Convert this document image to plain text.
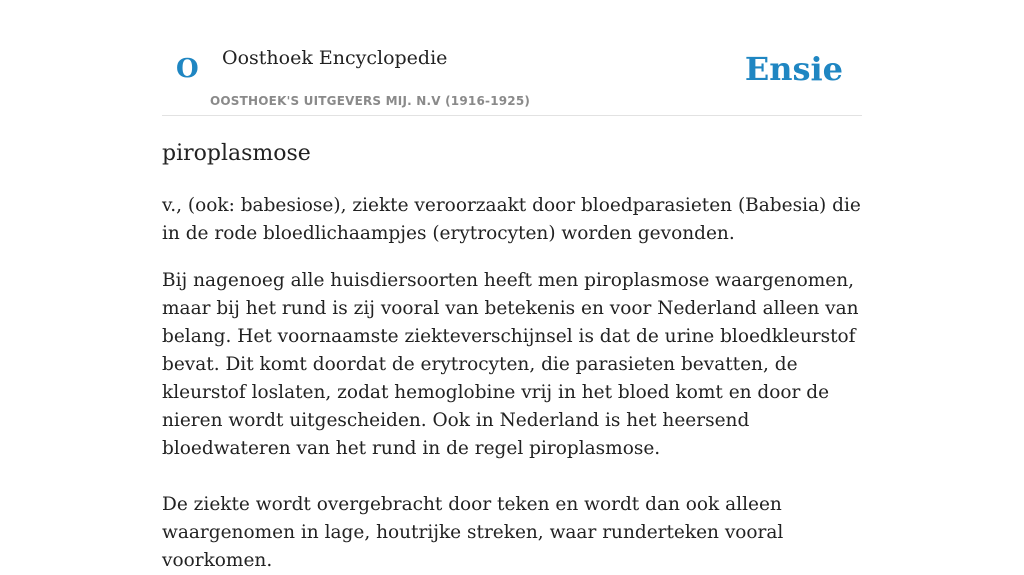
O Oosthoek Encyclopedie
OOSTHOEK'S UITGEVERS MIJ. N.V (1916-1925)
Ensie
piroplasmose

v., (ook: babesiose), ziekte veroorzaakt door bloedparasieten (Babesia) die in de rode bloedlichaampjes (erytrocyten) worden gevonden.

Bij nagenoeg alle huisdiersoorten heeft men piroplasmose waargenomen, maar bij het rund is zij vooral van betekenis en voor Nederland alleen van belang. Het voornaamste ziekteverschijnsel is dat de urine bloedkleurstof bevat. Dit komt doordat de erytrocyten, die parasieten bevatten, de kleurstof loslaten, zodat hemoglobine vrij in het bloed komt en door de nieren wordt uitgescheiden. Ook in Nederland is het heersend bloedwateren van het rund in de regel piroplasmose.

De ziekte wordt overgebracht door teken en wordt dan ook alleen waargenomen in lage, houtrijke streken, waar runderteken vooral voorkomen.
